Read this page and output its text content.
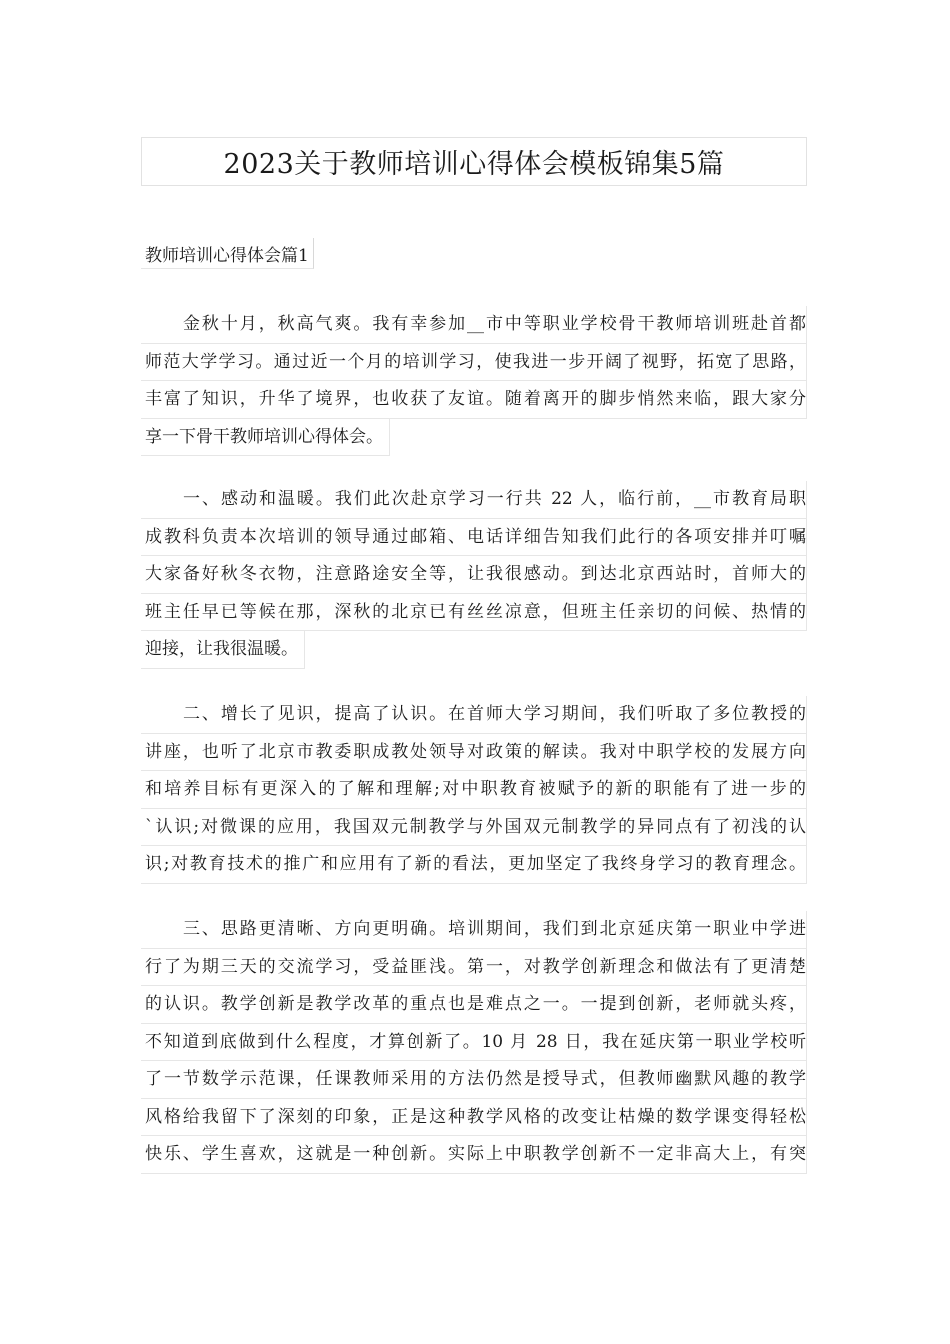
2023关于教师培训心得体会模板锦集5篇
教师培训心得体会篇1
金秋十月，秋高气爽。我有幸参加__市中等职业学校骨干教师培训班赴首都
师范大学学习。通过近一个月的培训学习，使我进一步开阔了视野，拓宽了思路，
丰富了知识，升华了境界，也收获了友谊。随着离开的脚步悄然来临，跟大家分
享一下骨干教师培训心得体会。
一、感动和温暖。我们此次赴京学习一行共 22 人，临行前，__市教育局职
成教科负责本次培训的领导通过邮箱、电话详细告知我们此行的各项安排并叮嘱
大家备好秋冬衣物，注意路途安全等，让我很感动。到达北京西站时，首师大的
班主任早已等候在那，深秋的北京已有丝丝凉意，但班主任亲切的问候、热情的
迎接，让我很温暖。
二、增长了见识，提高了认识。在首师大学习期间，我们听取了多位教授的
讲座，也听了北京市教委职成教处领导对政策的解读。我对中职学校的发展方向
和培养目标有更深入的了解和理解;对中职教育被赋予的新的职能有了进一步的
`认识;对微课的应用，我国双元制教学与外国双元制教学的异同点有了初浅的认
识;对教育技术的推广和应用有了新的看法，更加坚定了我终身学习的教育理念。
三、思路更清晰、方向更明确。培训期间，我们到北京延庆第一职业中学进
行了为期三天的交流学习，受益匪浅。第一，对教学创新理念和做法有了更清楚
的认识。教学创新是教学改革的重点也是难点之一。一提到创新，老师就头疼，
不知道到底做到什么程度，才算创新了。10 月 28 日，我在延庆第一职业学校听
了一节数学示范课，任课教师采用的方法仍然是授导式，但教师幽默风趣的教学
风格给我留下了深刻的印象，正是这种教学风格的改变让枯燥的数学课变得轻松
快乐、学生喜欢，这就是一种创新。实际上中职教学创新不一定非高大上，有突
